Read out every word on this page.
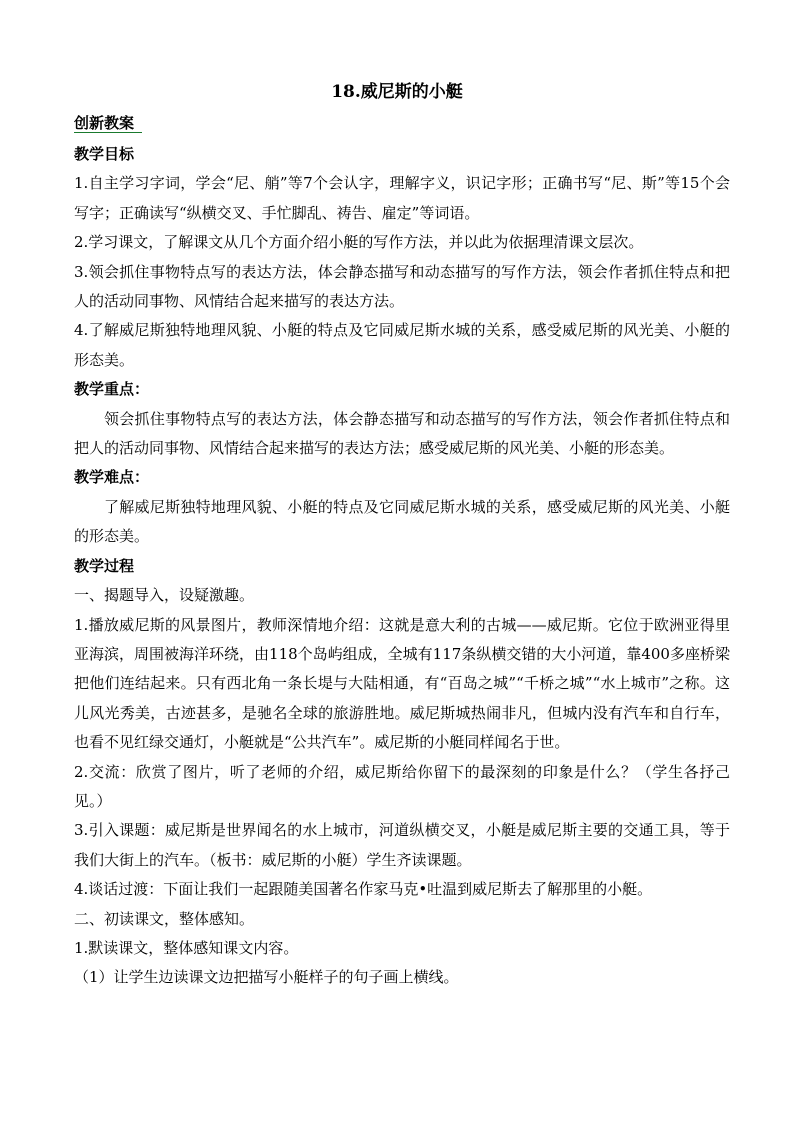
18.威尼斯的小艇
创新教案
教学目标

1.自主学习字词，学会“尼、艄”等7个会认字，理解字义，识记字形；正确书写“尼、斯”等15个会写字；正确读写“纵横交叉、手忙脚乱、祷告、雇定”等词语。

2.学习课文，了解课文从几个方面介绍小艇的写作方法，并以此为依据理清课文层次。

3.领会抓住事物特点写的表达方法，体会静态描写和动态描写的写作方法，领会作者抓住特点和把人的活动同事物、风情结合起来描写的表达方法。

4.了解威尼斯独特地理风貌、小艇的特点及它同威尼斯水城的关系，感受威尼斯的风光美、小艇的形态美。

教学重点：

领会抓住事物特点写的表达方法，体会静态描写和动态描写的写作方法，领会作者抓住特点和把人的活动同事物、风情结合起来描写的表达方法；感受威尼斯的风光美、小艇的形态美。

教学难点：

了解威尼斯独特地理风貌、小艇的特点及它同威尼斯水城的关系，感受威尼斯的风光美、小艇的形态美。

教学过程

一、揭题导入，设疑激趣。

1.播放威尼斯的风景图片，教师深情地介绍：这就是意大利的古城——威尼斯。它位于欧洲亚得里亚海滨，周围被海洋环绕，由118个岛屿组成，全城有117条纵横交错的大小河道，靠400多座桥梁把他们连结起来。只有西北角一条长堤与大陆相通，有“百岛之城”“千桥之城”“水上城市”之称。这儿风光秀美，古迹甚多，是驰名全球的旅游胜地。威尼斯城热闹非凡，但城内没有汽车和自行车，也看不见红绿交通灯，小艇就是“公共汽车”。威尼斯的小艇同样闻名于世。

2.交流：欣赏了图片，听了老师的介绍，威尼斯给你留下的最深刻的印象是什么？（学生各抒己见。）

3.引入课题：威尼斯是世界闻名的水上城市，河道纵横交叉，小艇是威尼斯主要的交通工具，等于我们大街上的汽车。（板书：威尼斯的小艇）学生齐读课题。

4.谈话过渡：下面让我们一起跟随美国著名作家马克•吐温到威尼斯去了解那里的小艇。

二、初读课文，整体感知。

1.默读课文，整体感知课文内容。

（1）让学生边读课文边把描写小艇样子的句子画上横线。
